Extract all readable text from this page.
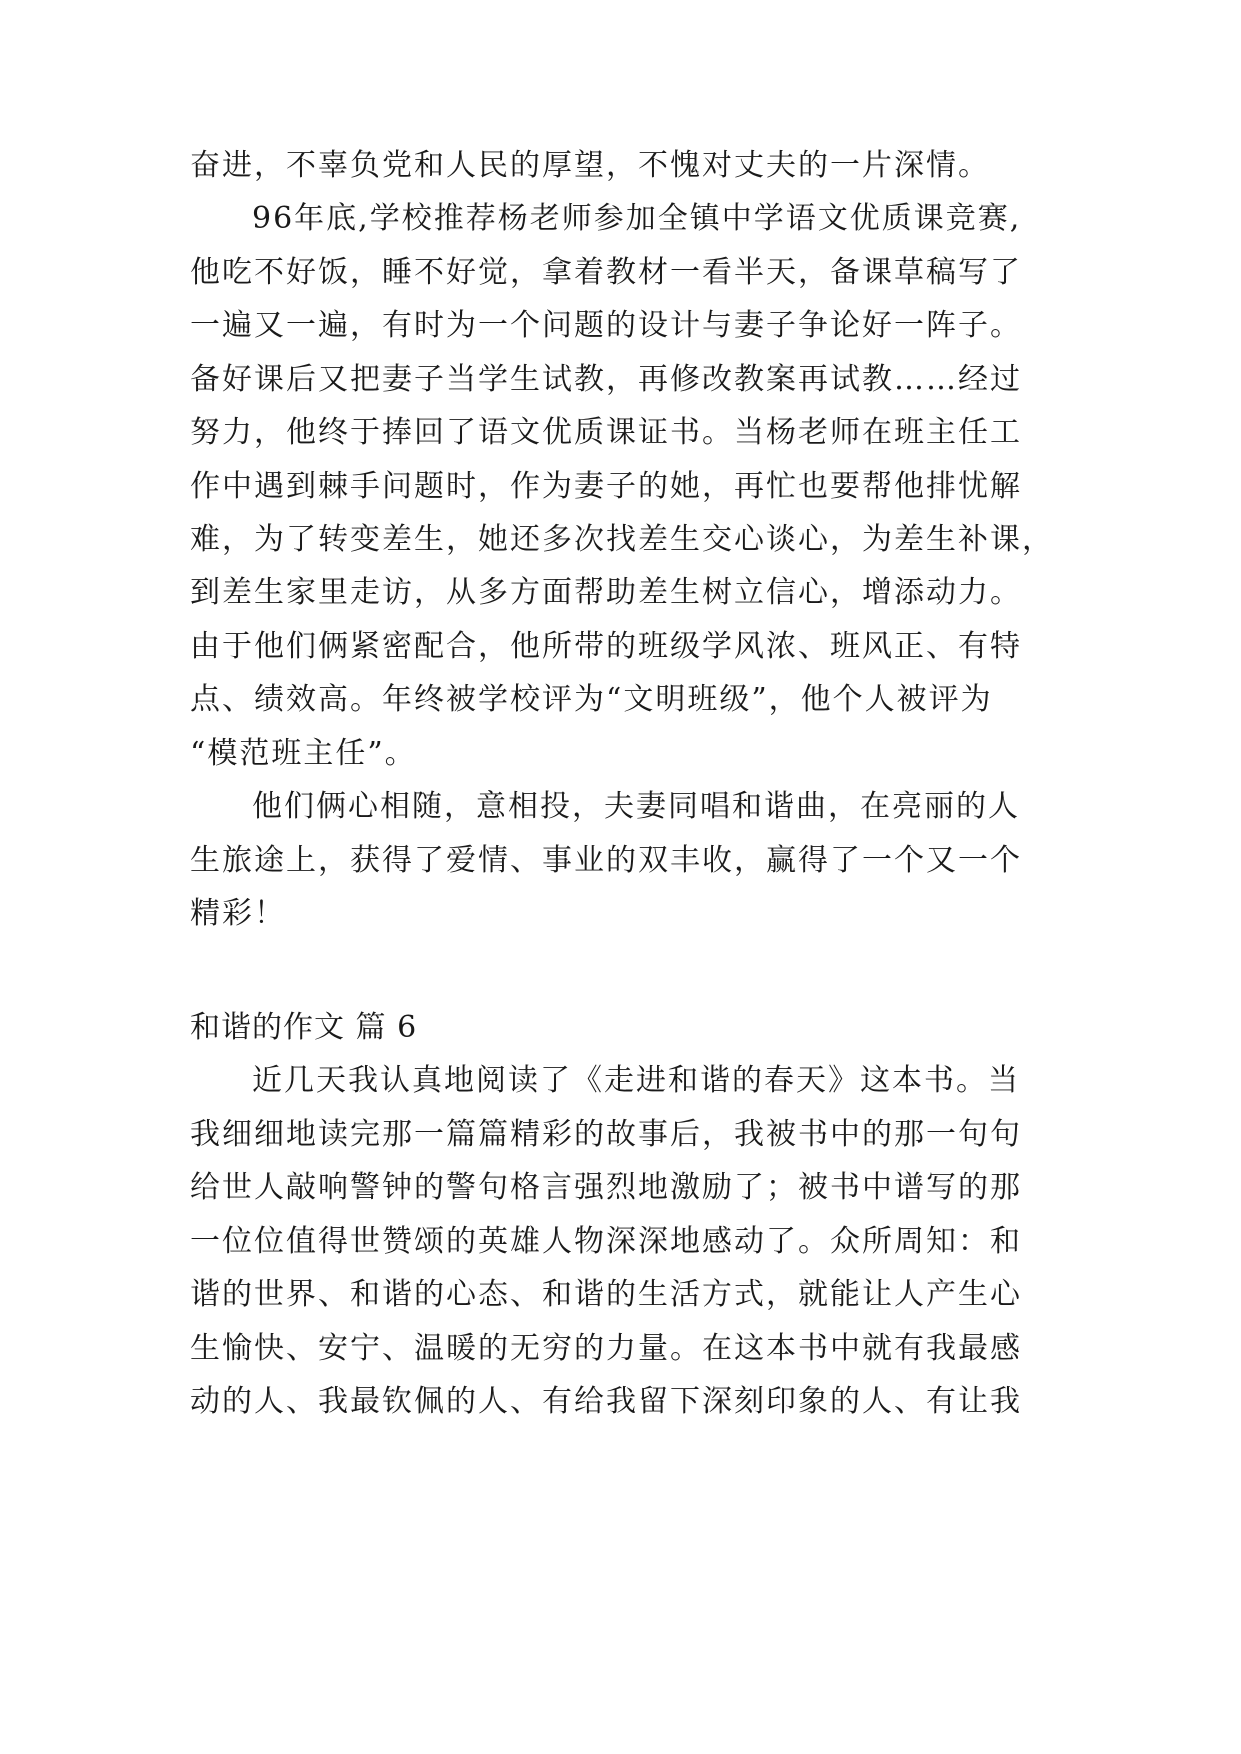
奋进，不辜负党和人民的厚望，不愧对丈夫的一片深情。
96年底,学校推荐杨老师参加全镇中学语文优质课竞赛,
他吃不好饭，睡不好觉，拿着教材一看半天，备课草稿写了
一遍又一遍，有时为一个问题的设计与妻子争论好一阵子。
备好课后又把妻子当学生试教，再修改教案再试教……经过
努力，他终于捧回了语文优质课证书。当杨老师在班主任工
作中遇到棘手问题时，作为妻子的她，再忙也要帮他排忧解
难，为了转变差生，她还多次找差生交心谈心，为差生补课，
到差生家里走访，从多方面帮助差生树立信心，增添动力。
由于他们俩紧密配合，他所带的班级学风浓、班风正、有特
点、绩效高。年终被学校评为“文明班级”，他个人被评为
“模范班主任”。
他们俩心相随，意相投，夫妻同唱和谐曲，在亮丽的人
生旅途上，获得了爱情、事业的双丰收，赢得了一个又一个
精彩！
和谐的作文 篇 6
近几天我认真地阅读了《走进和谐的春天》这本书。当
我细细地读完那一篇篇精彩的故事后，我被书中的那一句句
给世人敲响警钟的警句格言强烈地激励了；被书中谱写的那
一位位值得世赞颂的英雄人物深深地感动了。众所周知：和
谐的世界、和谐的心态、和谐的生活方式，就能让人产生心
生愉快、安宁、温暖的无穷的力量。在这本书中就有我最感
动的人、我最钦佩的人、有给我留下深刻印象的人、有让我
